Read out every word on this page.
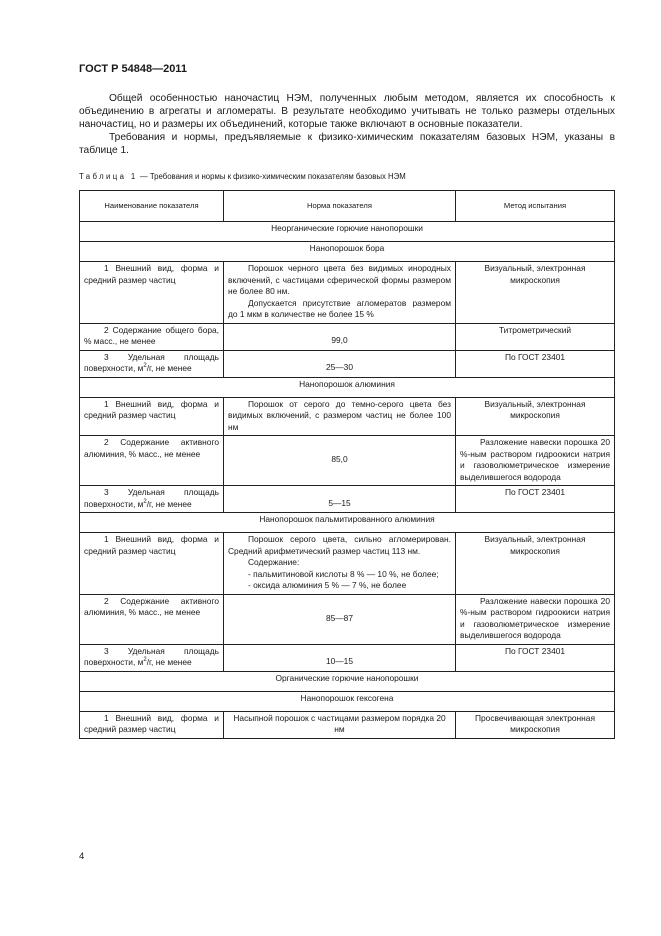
ГОСТ Р 54848—2011

Общей особенностью наночастиц НЭМ, полученных любым методом, является их способность к объединению в агрегаты и агломераты. В результате необходимо учитывать не только размеры отдельных наночастиц, но и размеры их объединений, которые также включают в основные показатели.

Требования и нормы, предъявляемые к физико-химическим показателям базовых НЭМ, указаны в таблице 1.

Таблица 1 — Требования и нормы к физико-химическим показателям базовых НЭМ
Наименование показателя	Норма показателя	Метод испытания
Неорганические горючие нанопорошки		
Нанопорошок бора		

1 Внешний вид, форма и средний размер частиц	Порошок черного цвета без видимых инородных включений, с частицами сферической формы размером не более 80 нм.

Допускается присутствие агломератов размером до 1 мкм в количестве не более 15 %	Визуальный, электронная микроскопия

2 Содержание общего бора, % масс., не менее	99,0	Титрометрический

3 Удельная площадь поверхности, $м^2/г$, не менее	25—30	По ГОСТ 23401
Нанопорошок алюминия		

1 Внешний вид, форма и средний размер частиц	Порошок от серого до темно-серого цвета без видимых включений, с размером частиц не более 100 нм	Визуальный, электронная микроскопия

2 Содержание активного алюминия, % масс., не менее	85,0	Разложение навески порошка 20 %-ным раствором гидроокиси натрия и газоволюметрическое измерение выделившегося водорода

3 Удельная площадь поверхности, $м^2/г$, не менее	5—15	По ГОСТ 23401
Нанопорошок пальмитированного алюминия		

1 Внешний вид, форма и средний размер частиц	Порошок серого цвета, сильно агломерирован. Средний арифметический размер частиц 113 нм.

Содержание:

- пальмитиновой кислоты 8 % — 10 %, не более;

- оксида алюминия 5 % — 7 %, не более	Визуальный, электронная микроскопия

2 Содержание активного алюминия, % масс., не менее	85—87	Разложение навески порошка 20 %-ным раствором гидроокиси натрия и газоволюметрическое измерение выделившегося водорода

3 Удельная площадь поверхности, $м^2/г$, не менее	10—15	По ГОСТ 23401
Органические горючие нанопорошки		
Нанопорошок гексогена		

1 Внешний вид, форма и средний размер частиц	Насыпной порошок с частицами размером порядка 20 нм	Просвечивающая электронная микроскопия
4
